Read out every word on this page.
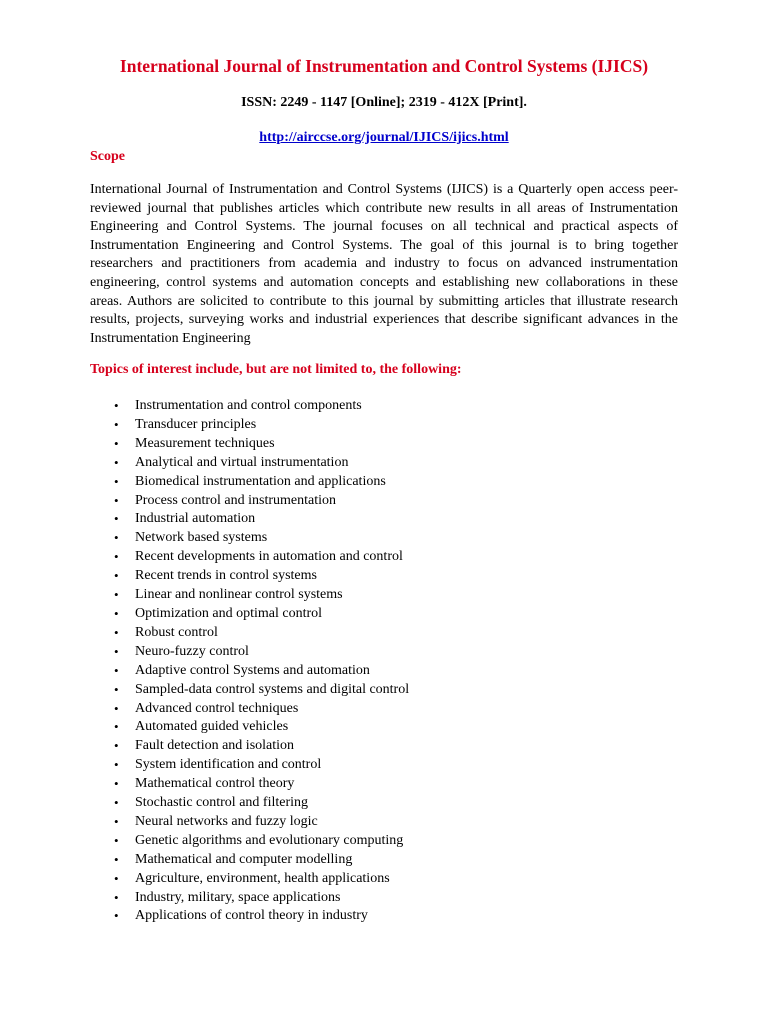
International Journal of Instrumentation and Control Systems (IJICS)
ISSN: 2249 - 1147 [Online]; 2319 - 412X [Print].
http://airccse.org/journal/IJICS/ijics.html
Scope
International Journal of Instrumentation and Control Systems (IJICS) is a Quarterly open access peer-reviewed journal that publishes articles which contribute new results in all areas of Instrumentation Engineering and Control Systems. The journal focuses on all technical and practical aspects of Instrumentation Engineering and Control Systems. The goal of this journal is to bring together researchers and practitioners from academia and industry to focus on advanced instrumentation engineering, control systems and automation concepts and establishing new collaborations in these areas. Authors are solicited to contribute to this journal by submitting articles that illustrate research results, projects, surveying works and industrial experiences that describe significant advances in the Instrumentation Engineering
Topics of interest include, but are not limited to, the following:
• Instrumentation and control components
• Transducer principles
• Measurement techniques
• Analytical and virtual instrumentation
• Biomedical instrumentation and applications
• Process control and instrumentation
• Industrial automation
• Network based systems
• Recent developments in automation and control
• Recent trends in control systems
• Linear and nonlinear control systems
• Optimization and optimal control
• Robust control
• Neuro-fuzzy control
• Adaptive control Systems and automation
• Sampled-data control systems and digital control
• Advanced control techniques
• Automated guided vehicles
• Fault detection and isolation
• System identification and control
• Mathematical control theory
• Stochastic control and filtering
• Neural networks and fuzzy logic
• Genetic algorithms and evolutionary computing
• Mathematical and computer modelling
• Agriculture, environment, health applications
• Industry, military, space applications
• Applications of control theory in industry
